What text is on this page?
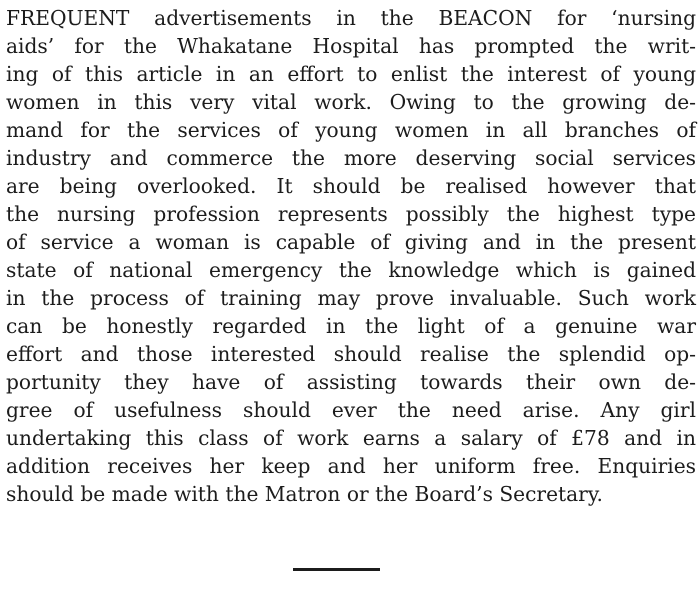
FREQUENT advertisements in the BEACON for ‘nursing
aids’ for the Whakatane Hospital has prompted the writ-
ing of this article in an effort to enlist the interest of young
women in this very vital work. Owing to the growing de-
mand for the services of young women in all branches of
industry and commerce the more deserving social services
are being overlooked. It should be realised however that
the nursing profession represents possibly the highest type
of service a woman is capable of giving and in the present
state of national emergency the knowledge which is gained
in the process of training may prove invaluable. Such work
can be honestly regarded in the light of a genuine war
effort and those interested should realise the splendid op-
portunity they have of assisting towards their own de-
gree of usefulness should ever the need arise. Any girl
undertaking this class of work earns a salary of £78 and in
addition receives her keep and her uniform free. Enquiries
should be made with the Matron or the Board’s Secretary.
